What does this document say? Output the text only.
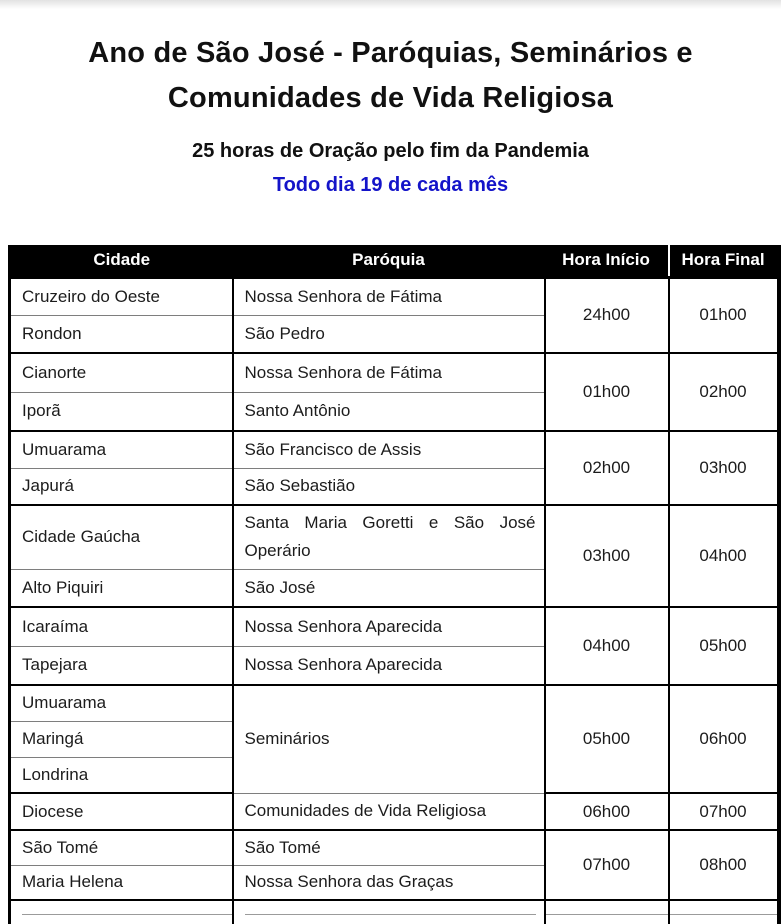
Ano de São José - Paróquias, Seminários e
Comunidades de Vida Religiosa
25 horas de Oração pelo fim da Pandemia
Todo dia 19 de cada mês
Cidade	Paróquia	Hora Início	Hora Final
Cruzeiro do Oeste	Nossa Senhora de Fátima	24h00	01h00
Rondon	São Pedro		
Cianorte	Nossa Senhora de Fátima	01h00	02h00
Iporã	Santo Antônio		
Umuarama	São Francisco de Assis	02h00	03h00
Japurá	São Sebastião		
Cidade Gaúcha	Santa Maria Goretti e São José Operário	03h00	04h00
Alto Piquiri	São José		
Icaraíma	Nossa Senhora Aparecida	04h00	05h00
Tapejara	Nossa Senhora Aparecida		
Umuarama	Seminários	05h00	06h00
Maringá			
Londrina			
Diocese	Comunidades de Vida Religiosa	06h00	07h00
São Tomé	São Tomé	07h00	08h00
Maria Helena	Nossa Senhora das Graças		
